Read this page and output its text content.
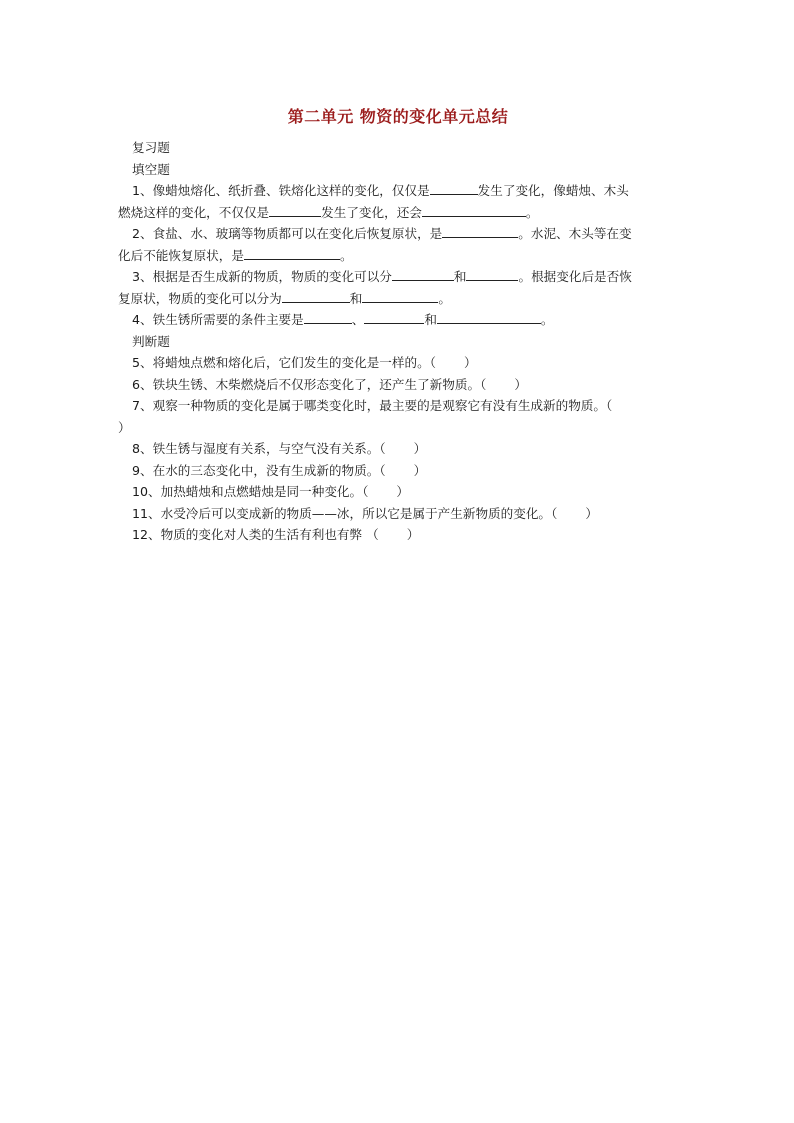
第二单元 物资的变化单元总结

复习题

填空题

1、像蜡烛熔化、纸折叠、铁熔化这样的变化，仅仅是	发生了变化，像蜡烛、木头

燃烧这样的变化，不仅仅是	发生了变化，还会	。

2、食盐、水、玻璃等物质都可以在变化后恢复原状，是	。水泥、木头等在变

化后不能恢复原状，是	。

3、根据是否生成新的物质，物质的变化可以分	和	。根据变化后是否恢

复原状，物质的变化可以分为	和	。

4、铁生锈所需要的条件主要是	、	和	。

判断题

5、将蜡烛点燃和熔化后，它们发生的变化是一样的。（ ）

6、铁块生锈、木柴燃烧后不仅形态变化了，还产生了新物质。（ ）

7、观察一种物质的变化是属于哪类变化时，最主要的是观察它有没有生成新的物质。（

）

8、铁生锈与湿度有关系，与空气没有关系。（ ）

9、在水的三态变化中，没有生成新的物质。（ ）

10、加热蜡烛和点燃蜡烛是同一种变化。（ ）

11、水受冷后可以变成新的物质——冰，所以它是属于产生新物质的变化。（ ）

12、物质的变化对人类的生活有利也有弊 （ ）
